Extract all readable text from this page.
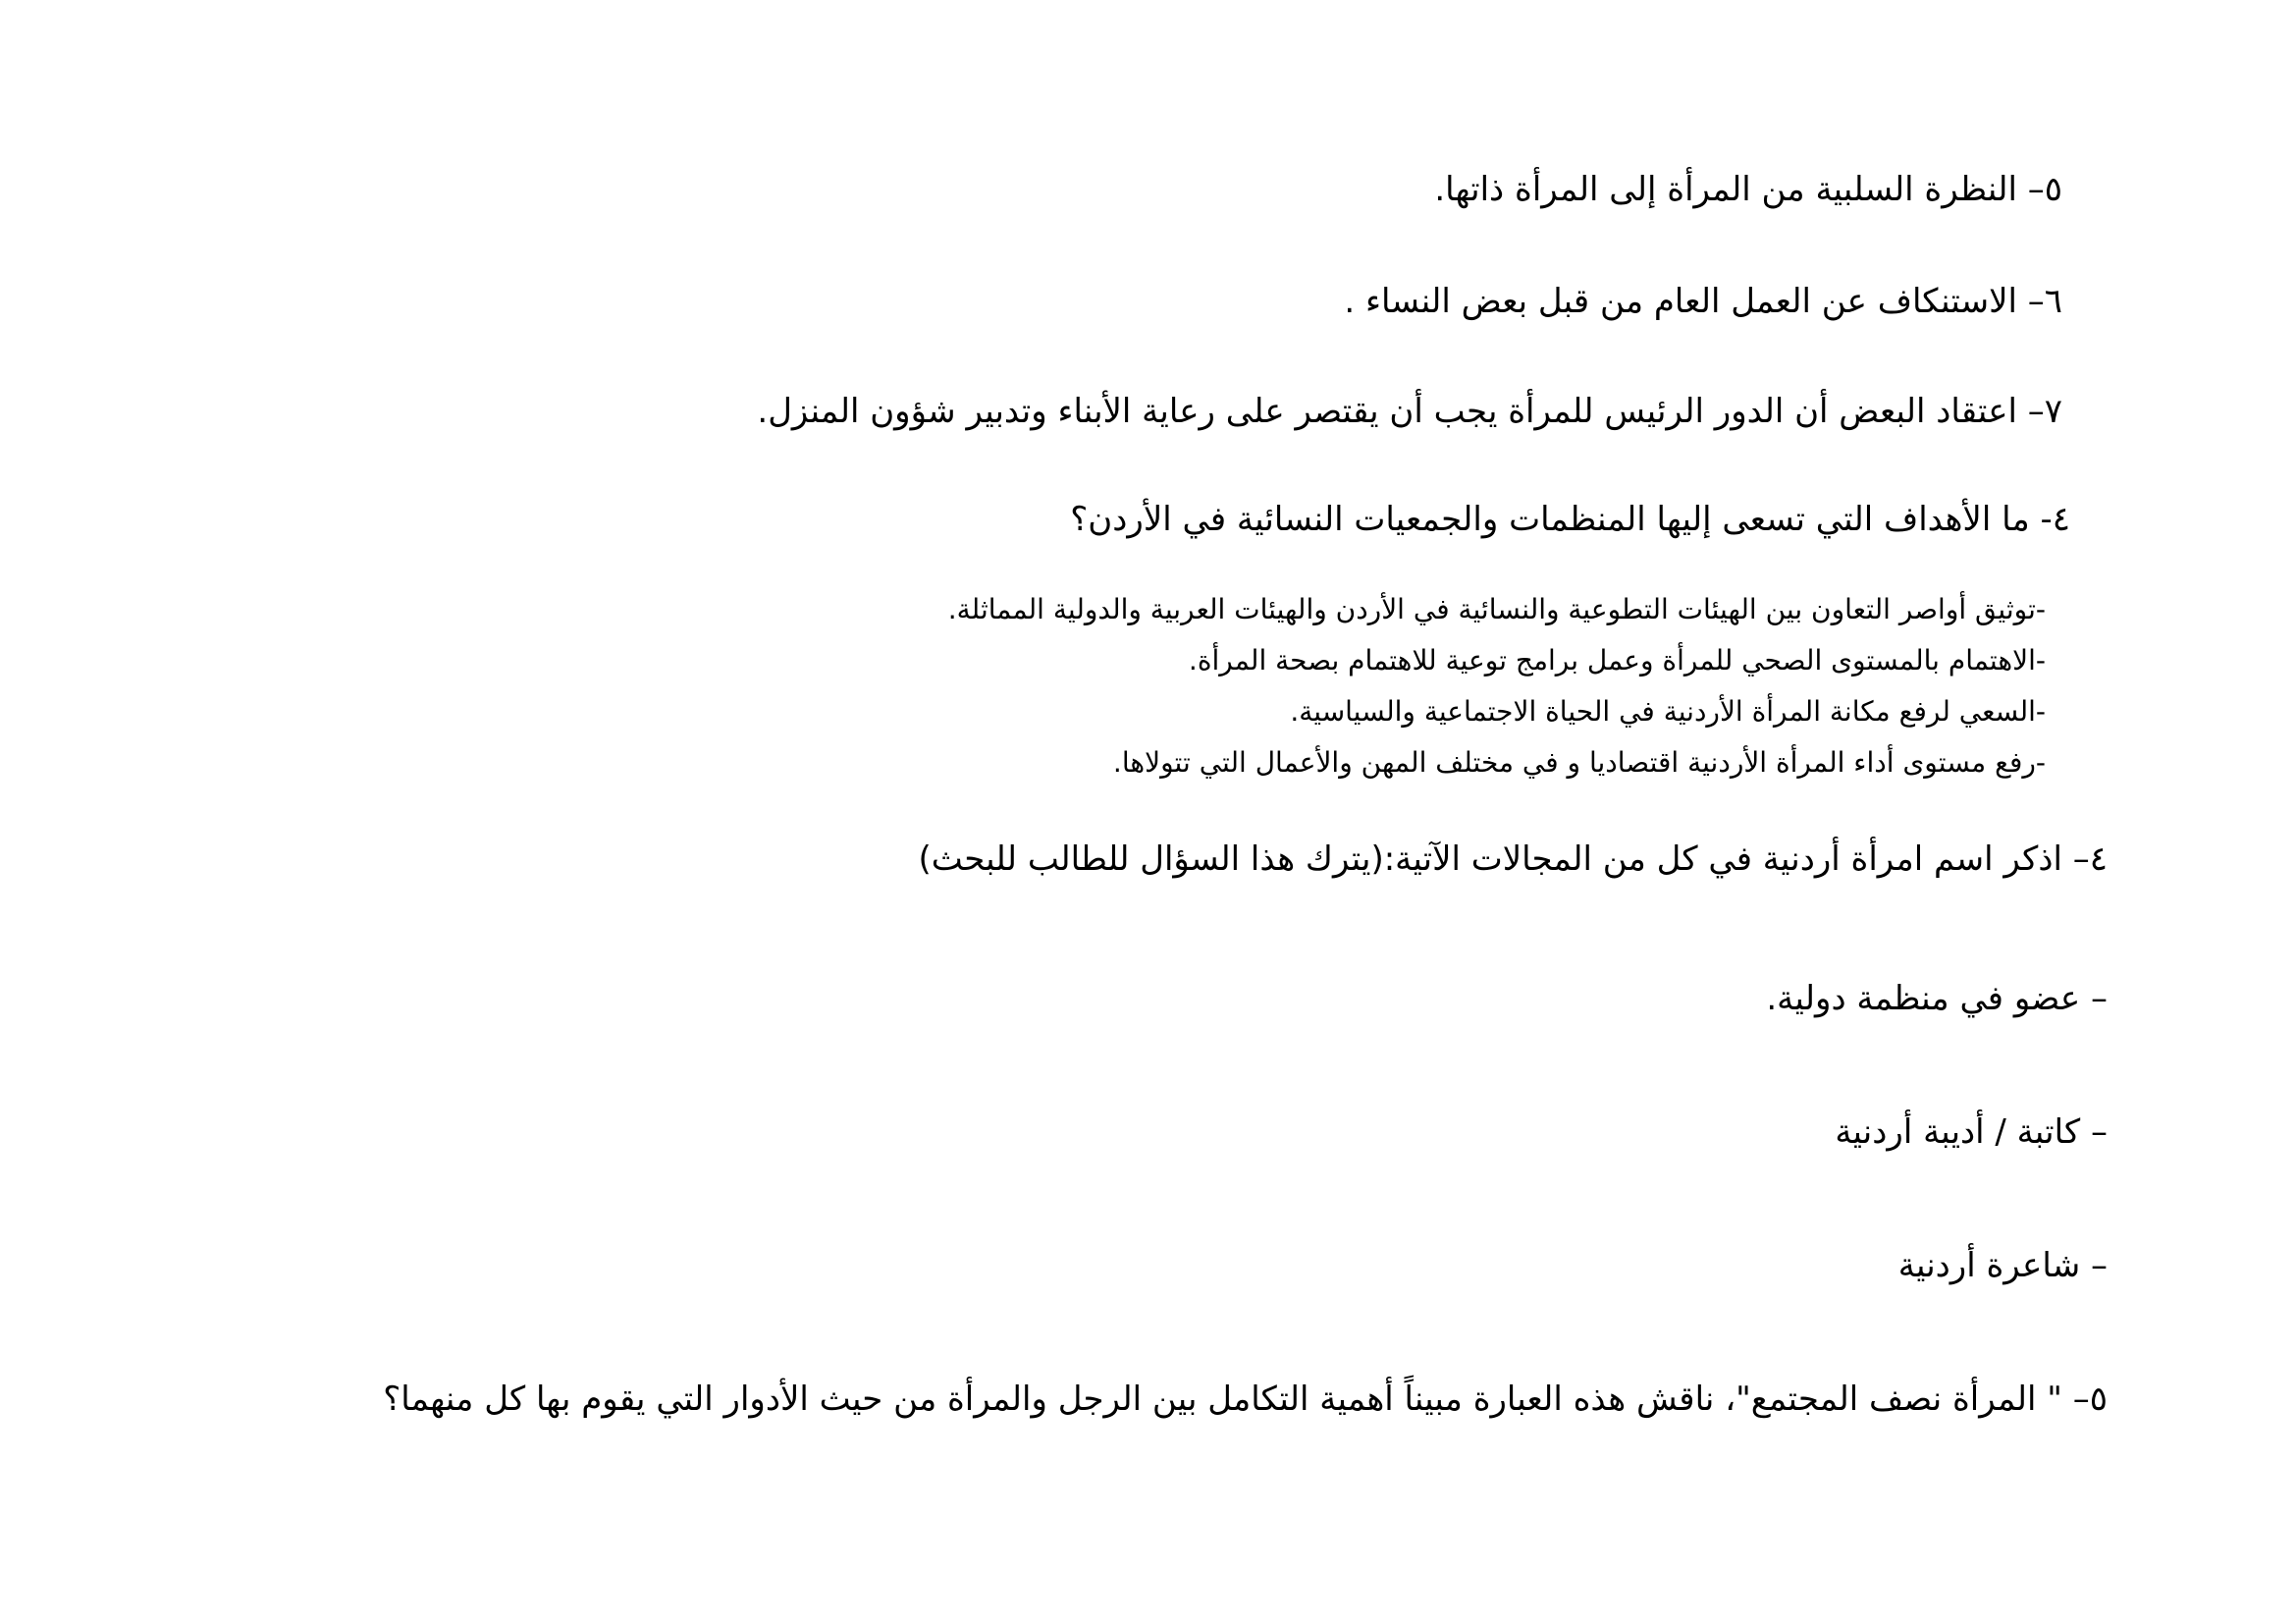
٥– النظرة السلبية من المرأة إلى المرأة ذاتها.
٦– الاستنكاف عن العمل العام من قبل بعض النساء .
٧– اعتقاد البعض أن الدور الرئيس للمرأة يجب أن يقتصر على رعاية الأبناء وتدبير شؤون المنزل.
٤- ما الأهداف التي تسعى إليها المنظمات والجمعيات النسائية في الأردن؟
-توثيق أواصر التعاون بين الهيئات التطوعية والنسائية في الأردن والهيئات العربية والدولية المماثلة.
-الاهتمام بالمستوى الصحي للمرأة وعمل برامج توعية للاهتمام بصحة المرأة.
-السعي لرفع مكانة المرأة الأردنية في الحياة الاجتماعية والسياسية.
-رفع مستوى أداء المرأة الأردنية اقتصاديا و في مختلف المهن والأعمال التي تتولاها.
٤– اذكر اسم امرأة أردنية في كل من المجالات الآتية:(يترك هذا السؤال للطالب للبحث)
– عضو في منظمة دولية.
– كاتبة / أديبة أردنية
– شاعرة أردنية
٥– " المرأة نصف المجتمع"، ناقش هذه العبارة مبيناً أهمية التكامل بين الرجل والمرأة من حيث الأدوار التي يقوم بها كل منهما؟
